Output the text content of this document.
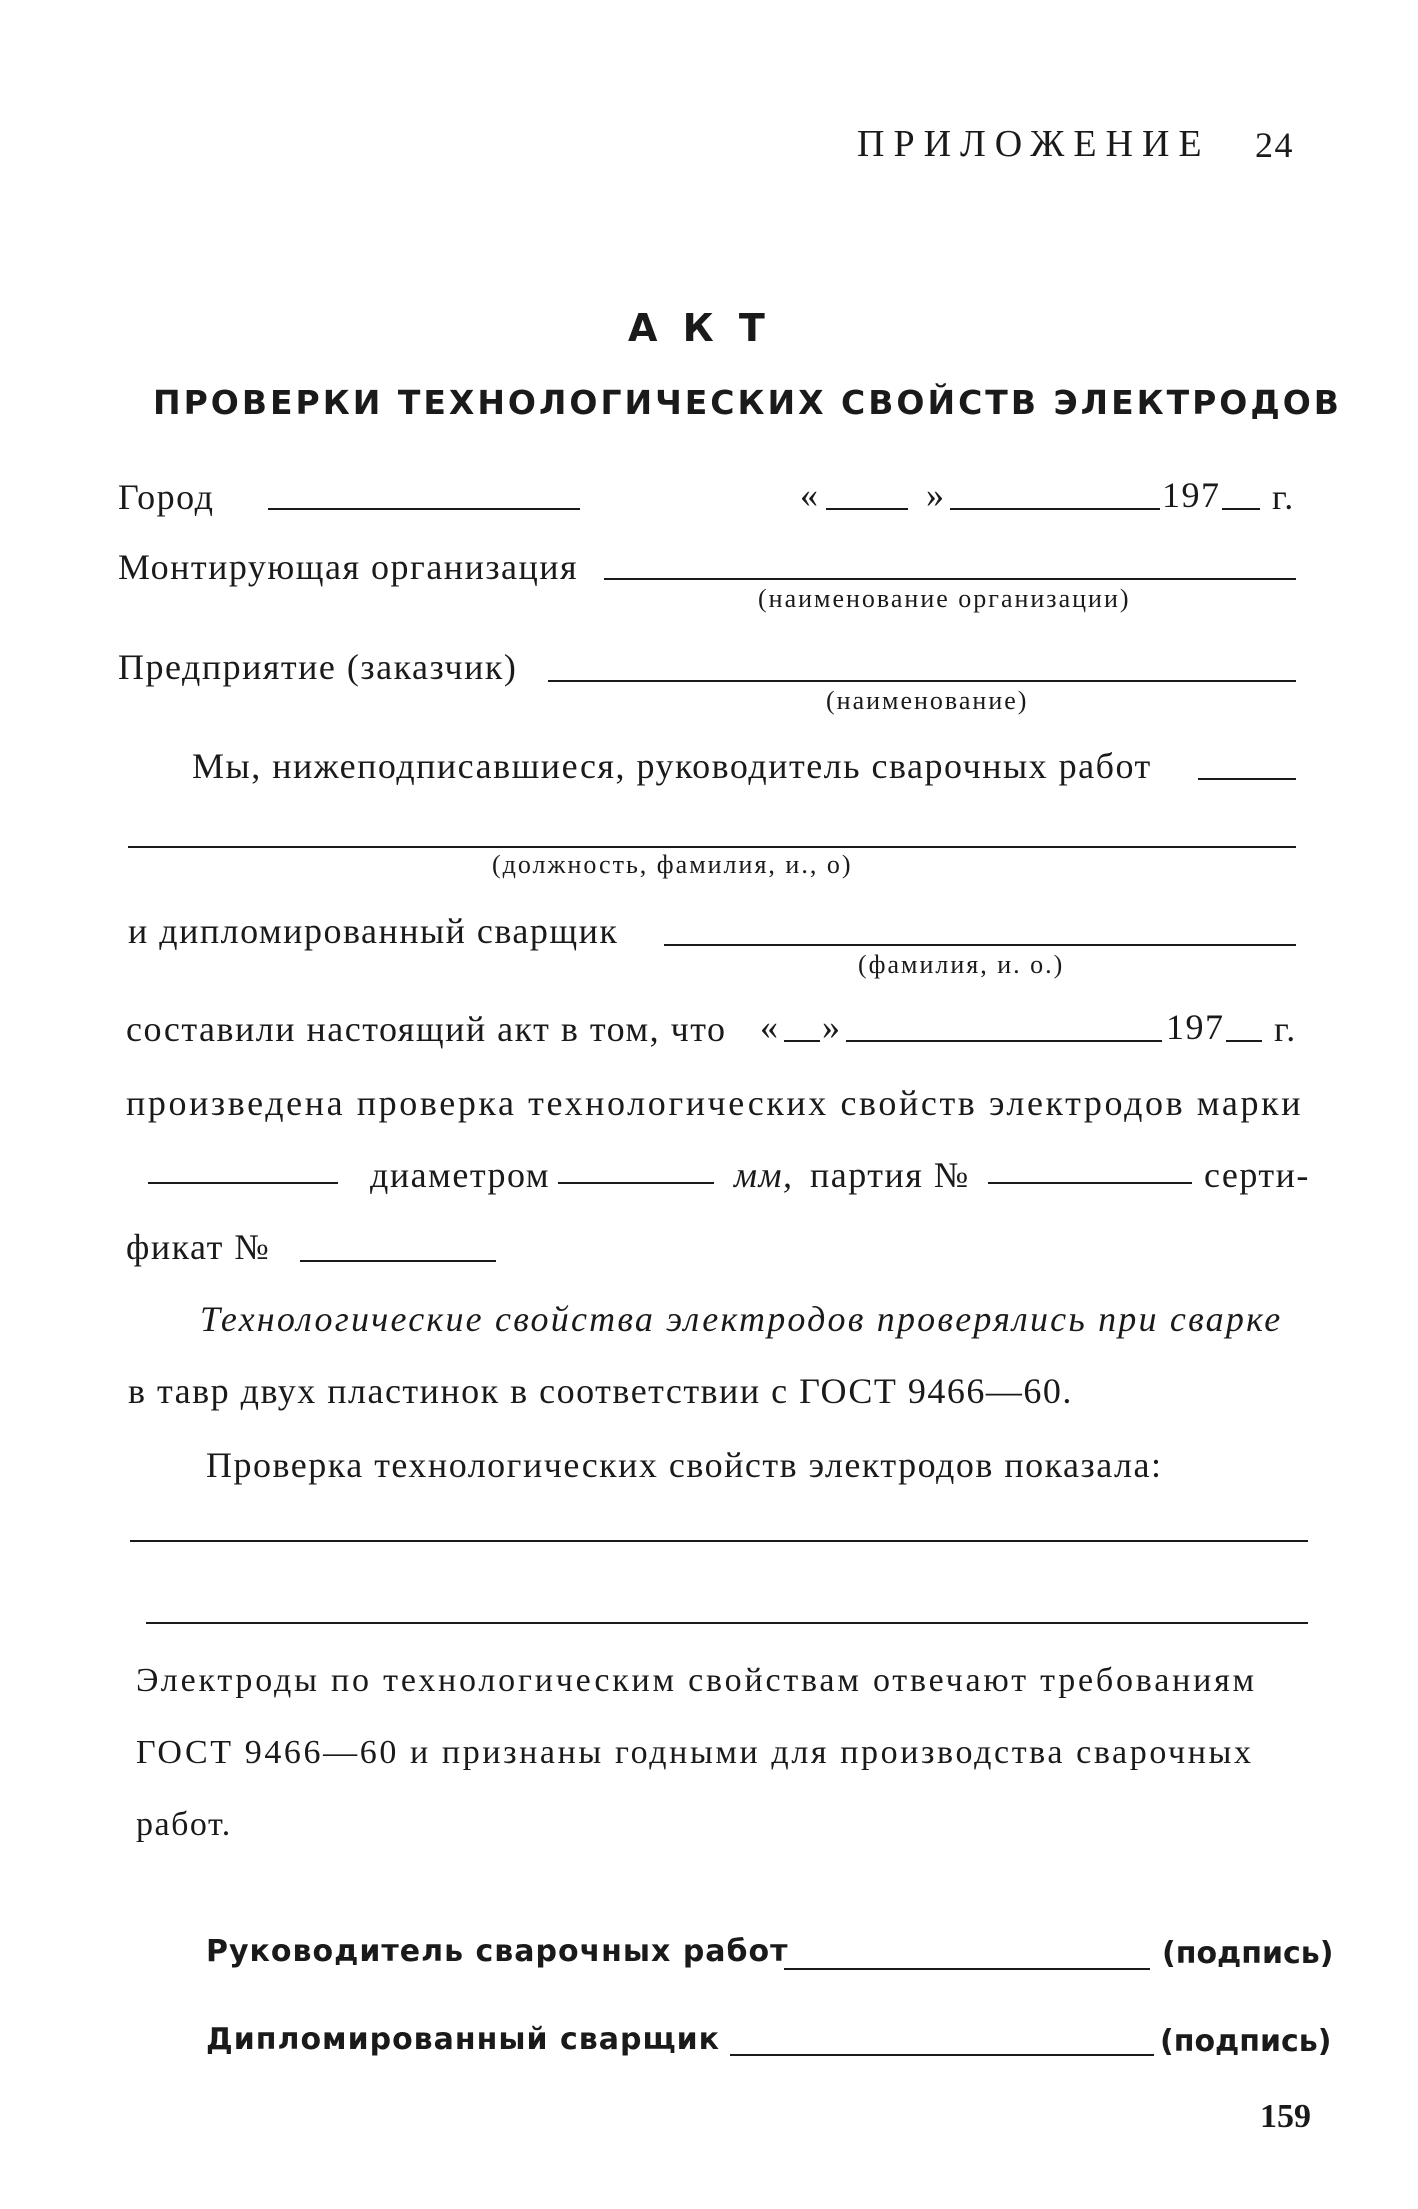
ПРИЛОЖЕНИЕ 24
А К Т
ПРОВЕРКИ ТЕХНОЛОГИЧЕСКИХ СВОЙСТВ ЭЛЕКТРОДОВ
Город	«	»	197 г.
Монтирующая организация
(наименование организации)
Предприятие (заказчик)
(наименование)
Мы, нижеподписавшиеся, руководитель сварочных работ
(должность, фамилия, и., о)
и дипломированный сварщик
(фамилия, и. о.)
составили настоящий акт в том, что « »	197 г.
произведена проверка технологических свойств электродов марки
диаметром	мм, партия №	серти-
фикат №
Технологические свойства электродов проверялись при сварке
в тавр двух пластинок в соответствии с ГОСТ 9466—60.
Проверка технологических свойств электродов показала:
Электроды по технологическим свойствам отвечают требованиям
ГОСТ 9466—60 и признаны годными для производства сварочных
работ.
Руководитель сварочных работ	(подпись)
Дипломированный сварщик	(подпись)
159
